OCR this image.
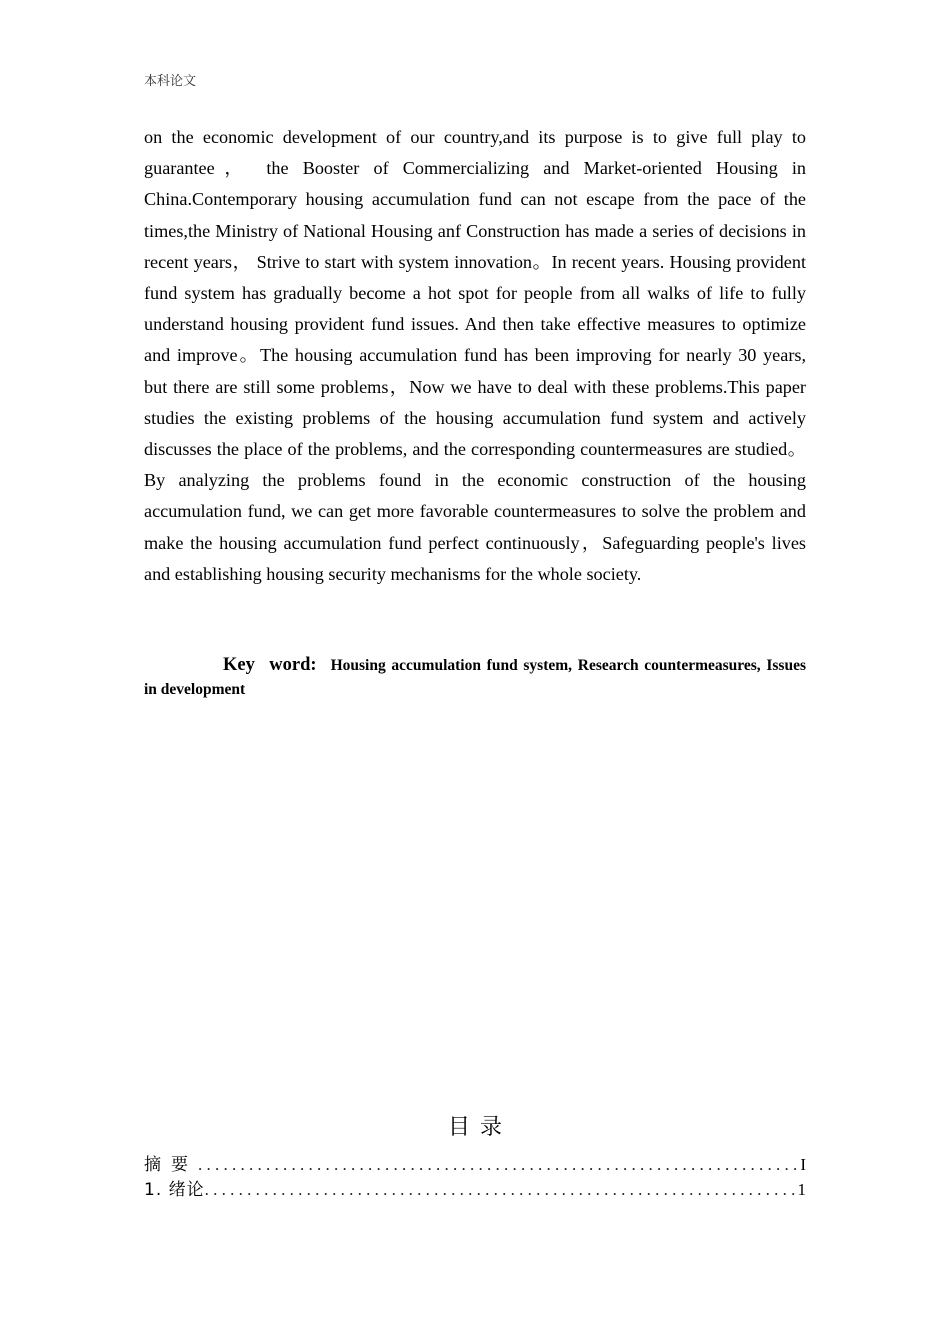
本科论文

on the economic development of our country,and its purpose is to give full play to guarantee， the Booster of Commercializing and Market-oriented Housing in China.Contemporary housing accumulation fund can not escape from the pace of the times,the Ministry of National Housing anf Construction has made a series of decisions in recent years， Strive to start with system innovation。In recent years. Housing provident fund system has gradually become a hot spot for people from all walks of life to fully understand housing provident fund issues. And then take effective measures to optimize and improve。The housing accumulation fund has been improving for nearly 30 years, but there are still some problems，Now we have to deal with these problems.This paper studies the existing problems of the housing accumulation fund system and actively discusses the place of the problems, and the corresponding countermeasures are studied。By analyzing the problems found in the economic construction of the housing accumulation fund, we can get more favorable countermeasures to solve the problem and make the housing accumulation fund perfect continuously，Safeguarding people's lives and establishing housing security mechanisms for the whole society.

Key word: Housing accumulation fund system, Research countermeasures, Issues in development

目录
摘要 . . .	I
1. 绪论 . . .	1
